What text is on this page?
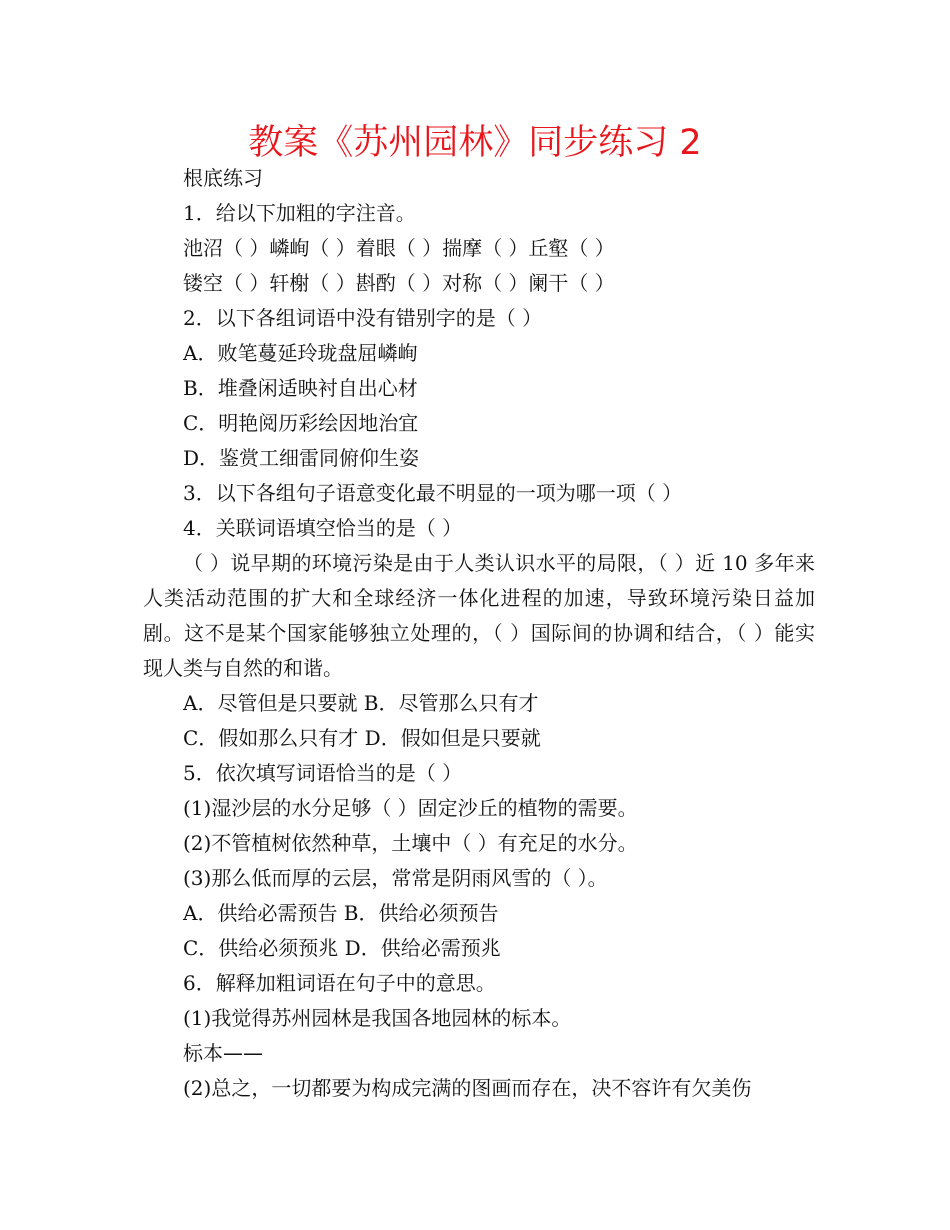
教案《苏州园林》同步练习 2

根底练习

1．给以下加粗的字注音。

池沼（ ）嶙峋（ ）着眼（ ）揣摩（ ）丘壑（ ）

镂空（ ）轩榭（ ）斟酌（ ）对称（ ）阑干（ ）

2．以下各组词语中没有错别字的是（ ）

A．败笔蔓延玲珑盘屈嶙峋

B．堆叠闲适映衬自出心材

C．明艳阅历彩绘因地治宜

D．鉴赏工细雷同俯仰生姿

3．以下各组句子语意变化最不明显的一项为哪一项（ ）

4．关联词语填空恰当的是（ ）

（ ）说早期的环境污染是由于人类认识水平的局限，（ ）近 10 多年来人类活动范围的扩大和全球经济一体化进程的加速，导致环境污染日益加剧。这不是某个国家能够独立处理的，（ ）国际间的协调和结合，（ ）能实现人类与自然的和谐。

A．尽管但是只要就 B．尽管那么只有才

C．假如那么只有才 D．假如但是只要就

5．依次填写词语恰当的是（ ）

(1)湿沙层的水分足够（ ）固定沙丘的植物的需要。

(2)不管植树依然种草，土壤中（ ）有充足的水分。

(3)那么低而厚的云层，常常是阴雨风雪的（ ）。

A．供给必需预告 B．供给必须预告

C．供给必须预兆 D．供给必需预兆

6．解释加粗词语在句子中的意思。

(1)我觉得苏州园林是我国各地园林的标本。

标本——

(2)总之，一切都要为构成完满的图画而存在，决不容许有欠美伤
